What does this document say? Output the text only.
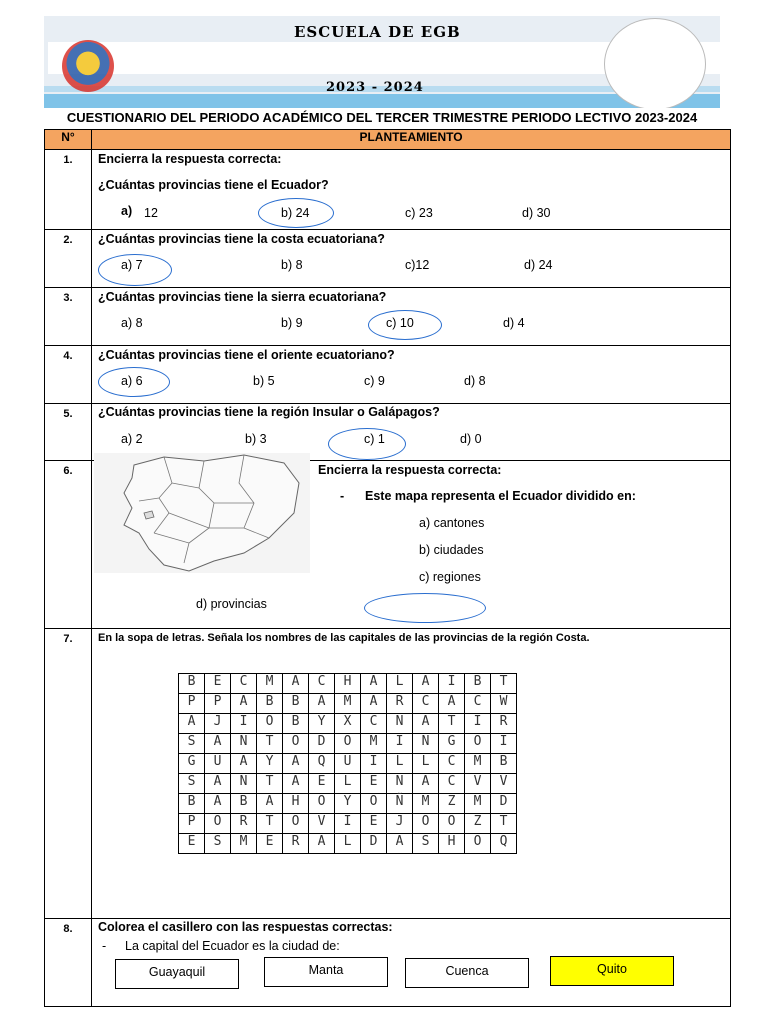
ESCUELA DE EGB
2023 - 2024
CUESTIONARIO DEL PERIODO ACADÉMICO DEL TERCER TRIMESTRE PERIODO LECTIVO 2023-2024
N°	PLANTEAMIENTO
1.	Encierra la respuesta correcta:
¿Cuántas provincias tiene el Ecuador?
a) 12	b) 24	c) 23	d) 30

2.	¿Cuántas provincias tiene la costa ecuatoriana?
a) 7	b) 8	c)12	d) 24

3.	¿Cuántas provincias tiene la sierra ecuatoriana?
a) 8	b) 9	c) 10	d) 4

4.	¿Cuántas provincias tiene el oriente ecuatoriano?
a) 6	b) 5	c) 9	d) 8

5.	¿Cuántas provincias tiene la región Insular o Galápagos?
a) 2	b) 3	c) 1	d) 0

6.	Encierra la respuesta correcta:
- Este mapa representa el Ecuador dividido en:
a) cantones
b) ciudades
c) regiones
d) provincias

7.	En la sopa de letras. Señala los nombres de las capitales de las provincias de la región Costa.
B	E	C	M	A	C	H	A	L	A	I	B	T
P	P	A	B	B	A	M	A	R	C	A	C	W
A	J	I	O	B	Y	X	C	N	A	T	I	R
S	A	N	T	O	D	O	M	I	N	G	O	I
G	U	A	Y	A	Q	U	I	L	L	C	M	B
S	A	N	T	A	E	L	E	N	A	C	V	V
B	A	B	A	H	O	Y	O	Ñ	M	Z	M	D
P	O	R	T	O	V	I	E	J	O	O	Z	T
E	S	M	E	R	A	L	D	A	S	H	O	Q

8.	Colorea el casillero con las respuestas correctas:
- La capital del Ecuador es la ciudad de:
Guayaquil	Manta	Cuenca	Quito
